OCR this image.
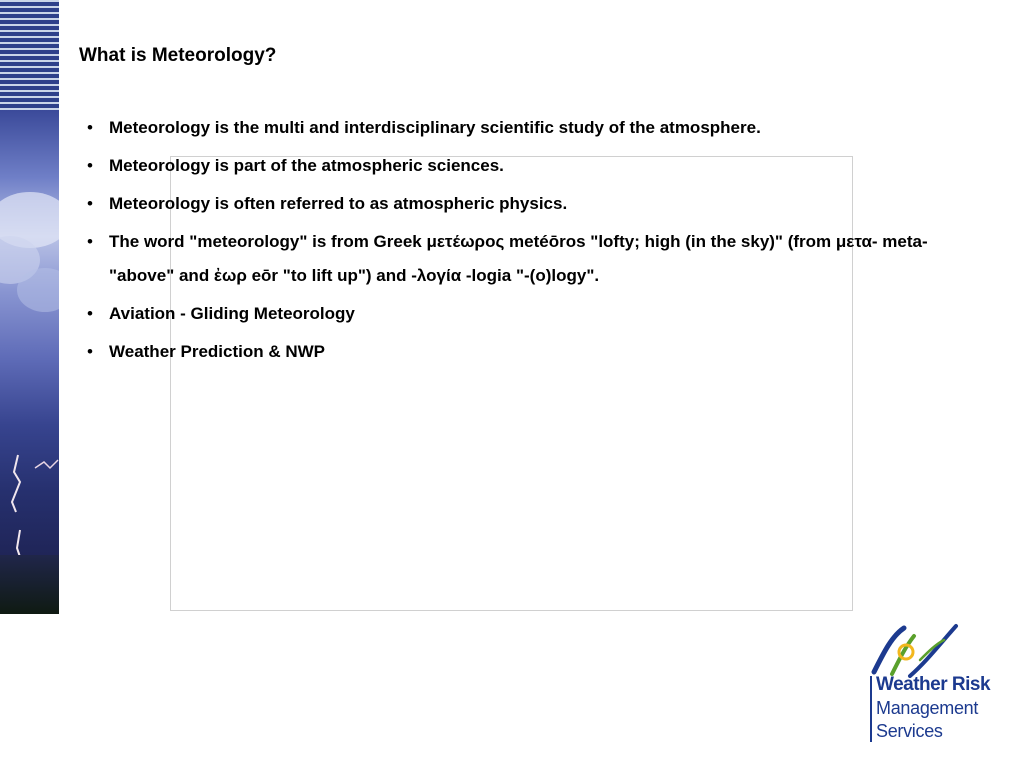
What is Meteorology?
• Meteorology is the multi and interdisciplinary scientific study of the atmosphere.
• Meteorology is part of the atmospheric sciences.
• Meteorology is often referred to as atmospheric physics.
• The word "meteorology" is from Greek μετέωρος metéōros "lofty; high (in the sky)" (from μετα- meta- "above" and ἐωρ eōr "to lift up") and -λογία -logia "-(o)logy".
• Aviation - Gliding Meteorology
• Weather Prediction & NWP
Weather Risk
Management
Services
